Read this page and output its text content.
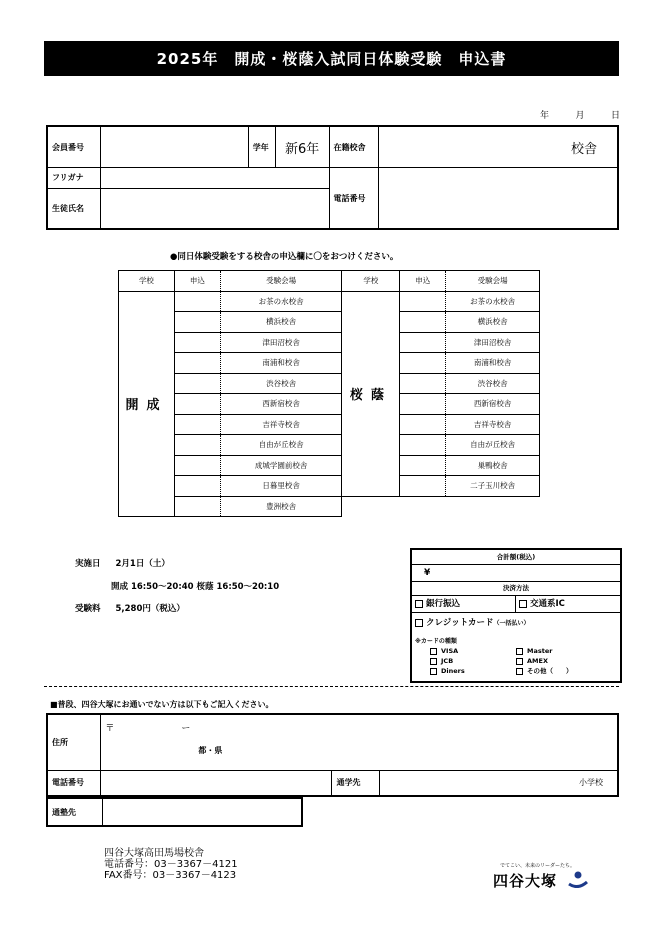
2025年　開成・桜蔭入試同日体験受験　申込書
年	月	日
会員番号		学年	新6年	在籍校舎	校舎
フリガナ				電話番号	
生徒氏名					
●同日体験受験をする校舎の申込欄に〇をおつけください。
学校	申込	受験会場	学校	申込	受験会場
開成		お茶の水校舎	桜蔭		お茶の水校舎
		横浜校舎			横浜校舎
		津田沼校舎			津田沼校舎
		南浦和校舎			南浦和校舎
		渋谷校舎			渋谷校舎
		西新宿校舎			西新宿校舎
		吉祥寺校舎			吉祥寺校舎
		自由が丘校舎			自由が丘校舎
		成城学園前校舎			巣鴨校舎
		日暮里校舎			二子玉川校舎
		豊洲校舎			
実施日 2月1日（土）
開成 16:50～20:40 桜蔭 16:50～20:10
受験料 5,280円（税込）
合計額(税込)
¥
決済方法
銀行振込	交通系IC
クレジットカード（一括払い）
※カードの種類
VISA	Master
JCB	AMEX
Diners	その他（　　）
■普段、四谷大塚にお通いでない方は以下もご記入ください。
住所	〒 ー
都・県		

電話番号		通学先	小学校
通塾先	
四谷大塚高田馬場校舎
電話番号：03－3367－4121
FAX番号：03－3367－4123
でてこい、未来のリーダーたち。
四谷大塚
